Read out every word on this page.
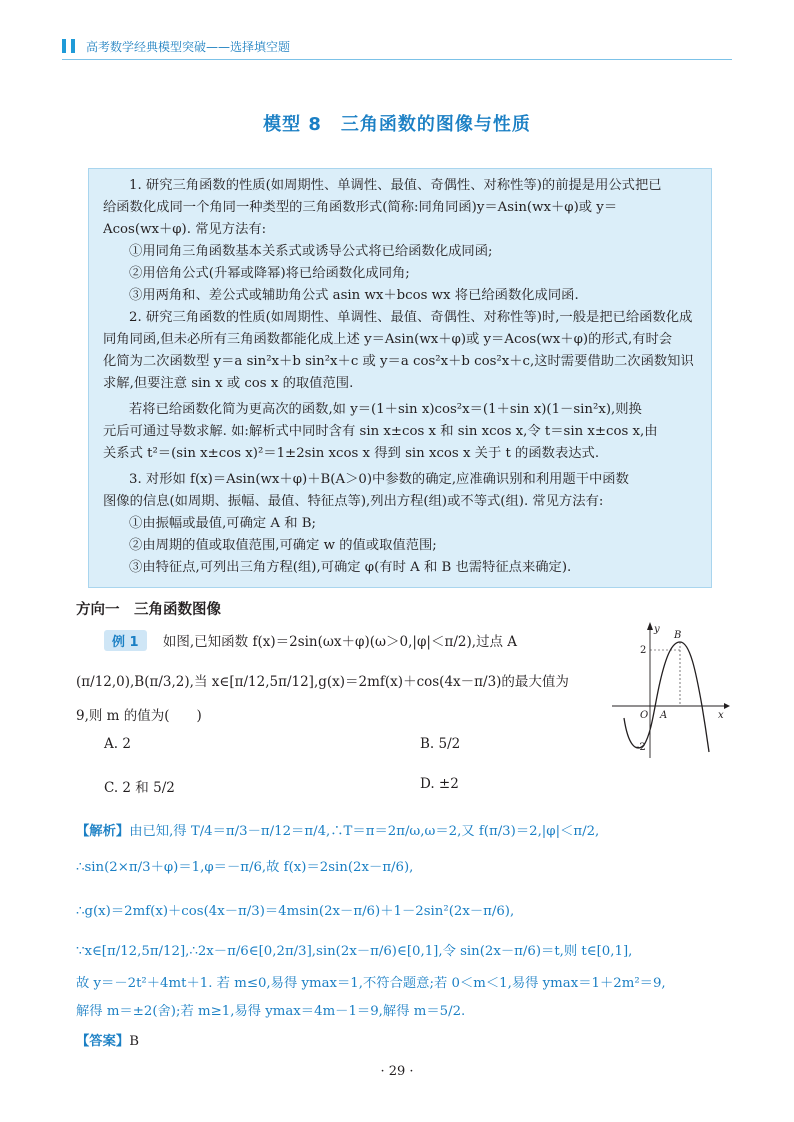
高考数学经典模型突破——选择填空题
模型 8　三角函数的图像与性质

1. 研究三角函数的性质(如周期性、单调性、最值、奇偶性、对称性等)的前提是用公式把已

给函数化成同一个角同一种类型的三角函数形式(简称:同角同函)y＝Asin(wx＋φ)或 y＝

Acos(wx＋φ). 常见方法有:

①用同角三角函数基本关系式或诱导公式将已给函数化成同函;

②用倍角公式(升幂或降幂)将已给函数化成同角;

③用两角和、差公式或辅助角公式 asin wx＋bcos wx 将已给函数化成同函.

2. 研究三角函数的性质(如周期性、单调性、最值、奇偶性、对称性等)时,一般是把已给函数化成

同角同函,但未必所有三角函数都能化成上述 y＝Asin(wx＋φ)或 y＝Acos(wx＋φ)的形式,有时会

化简为二次函数型 y＝a sin²x＋b sin²x＋c 或 y＝a cos²x＋b cos²x＋c,这时需要借助二次函数知识

求解,但要注意 sin x 或 cos x 的取值范围.

若将已给函数化简为更高次的函数,如 y＝(1＋sin x)cos²x＝(1＋sin x)(1－sin²x),则换

元后可通过导数求解. 如:解析式中同时含有 sin x±cos x 和 sin xcos x,令 t＝sin x±cos x,由

关系式 t²＝(sin x±cos x)²＝1±2sin xcos x 得到 sin xcos x 关于 t 的函数表达式.

3. 对形如 f(x)＝Asin(wx＋φ)＋B(A＞0)中参数的确定,应准确识别和利用题干中函数

图像的信息(如周期、振幅、最值、特征点等),列出方程(组)或不等式(组). 常见方法有:

①由振幅或最值,可确定 A 和 B;

②由周期的值或取值范围,可确定 w 的值或取值范围;

③由特征点,可列出三角方程(组),可确定 φ(有时 A 和 B 也需特征点来确定).

方向一　三角函数图像
例 1 如图,已知函数 f(x)＝2sin(ωx＋φ)(ω＞0,|φ|＜π/2),过点 A
(π/12,0),B(π/3,2),当 x∈[π/12,5π/12],g(x)＝2mf(x)＋cos(4x－π/3)的最大值为
9,则 m 的值为(　　)
A. 2	B. 5/2
C. 2 和 5/2	D. ±2
y
x
O A
B
2
-2
【解析】由已知,得 T/4＝π/3－π/12＝π/4,∴T＝π＝2π/ω,ω＝2,又 f(π/3)＝2,|φ|＜π/2,
∴sin(2×π/3＋φ)＝1,φ＝－π/6,故 f(x)＝2sin(2x－π/6),
∴g(x)＝2mf(x)＋cos(4x－π/3)＝4msin(2x－π/6)＋1－2sin²(2x－π/6),
∵x∈[π/12,5π/12],∴2x－π/6∈[0,2π/3],sin(2x－π/6)∈[0,1],令 sin(2x－π/6)＝t,则 t∈[0,1],
故 y＝－2t²＋4mt＋1. 若 m≤0,易得 ymax＝1,不符合题意;若 0＜m＜1,易得 ymax＝1＋2m²＝9,
解得 m＝±2(舍);若 m≥1,易得 ymax＝4m－1＝9,解得 m＝5/2.
【答案】B
· 29 ·
